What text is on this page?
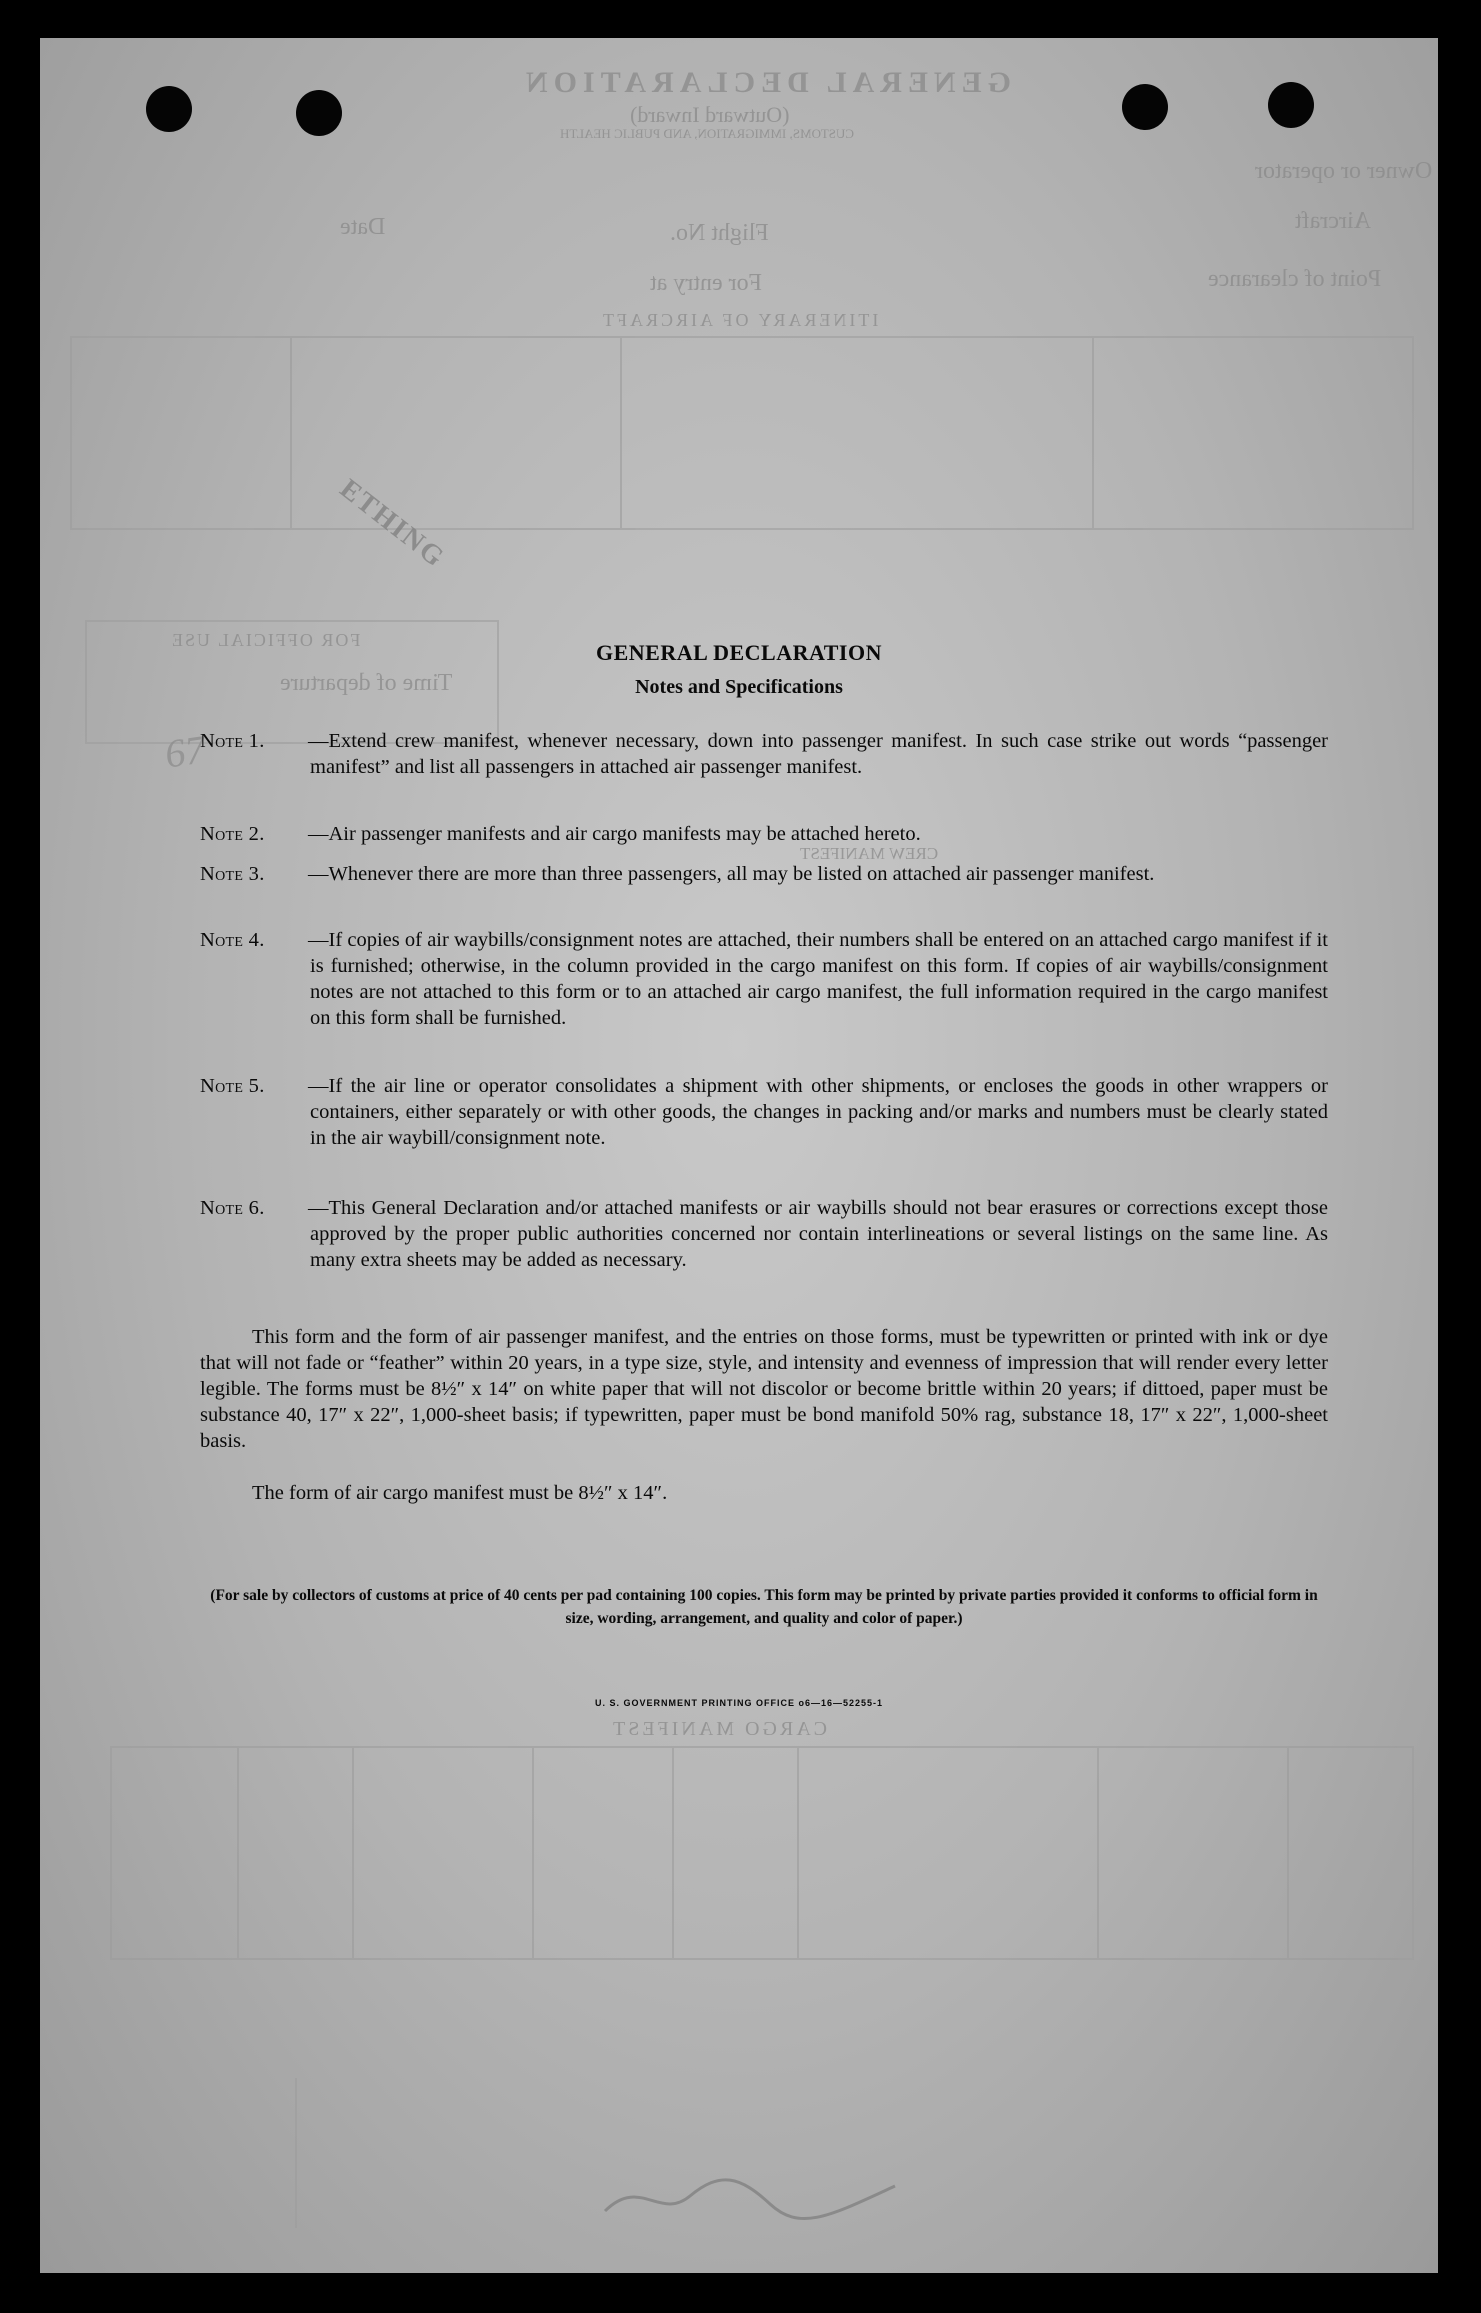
GENERAL DECLARATION
(Outward Inward)
CUSTOMS, IMMIGRATION, AND PUBLIC HEALTH
Owner or operator
Aircraft
Flight No.
Date
Point of clearance
For entry at
ITINERARY OF AIRCRAFT
FOR OFFICIAL USE
Time of departure
CREW MANIFEST
CARGO MANIFEST
ETHING
67
GENERAL DECLARATION
Notes and Specifications
Note 1.	—Extend crew manifest, whenever necessary, down into passenger manifest. In such case strike out words “passenger manifest” and list all passengers in attached air passenger manifest.
Note 2.	—Air passenger manifests and air cargo manifests may be attached hereto.
Note 3.	—Whenever there are more than three passengers, all may be listed on attached air passenger manifest.
Note 4.	—If copies of air waybills/consignment notes are attached, their numbers shall be entered on an attached cargo manifest if it is furnished; otherwise, in the column provided in the cargo manifest on this form. If copies of air waybills/consignment notes are not attached to this form or to an attached air cargo manifest, the full information required in the cargo manifest on this form shall be furnished.
Note 5.	—If the air line or operator consolidates a shipment with other shipments, or encloses the goods in other wrappers or containers, either separately or with other goods, the changes in packing and/or marks and numbers must be clearly stated in the air waybill/consignment note.
Note 6.	—This General Declaration and/or attached manifests or air waybills should not bear erasures or corrections except those approved by the proper public authorities concerned nor contain interlineations or several listings on the same line. As many extra sheets may be added as necessary.
This form and the form of air passenger manifest, and the entries on those forms, must be typewritten or printed with ink or dye that will not fade or “feather” within 20 years, in a type size, style, and intensity and evenness of impression that will render every letter legible. The forms must be 8½″ x 14″ on white paper that will not discolor or become brittle within 20 years; if dittoed, paper must be substance 40, 17″ x 22″, 1,000-sheet basis; if typewritten, paper must be bond manifold 50% rag, substance 18, 17″ x 22″, 1,000-sheet basis.
The form of air cargo manifest must be 8½″ x 14″.
(For sale by collectors of customs at price of 40 cents per pad containing 100 copies. This form may be printed by private parties provided it conforms to official form in size, wording, arrangement, and quality and color of paper.)
U. S. GOVERNMENT PRINTING OFFICE o6—16—52255-1
